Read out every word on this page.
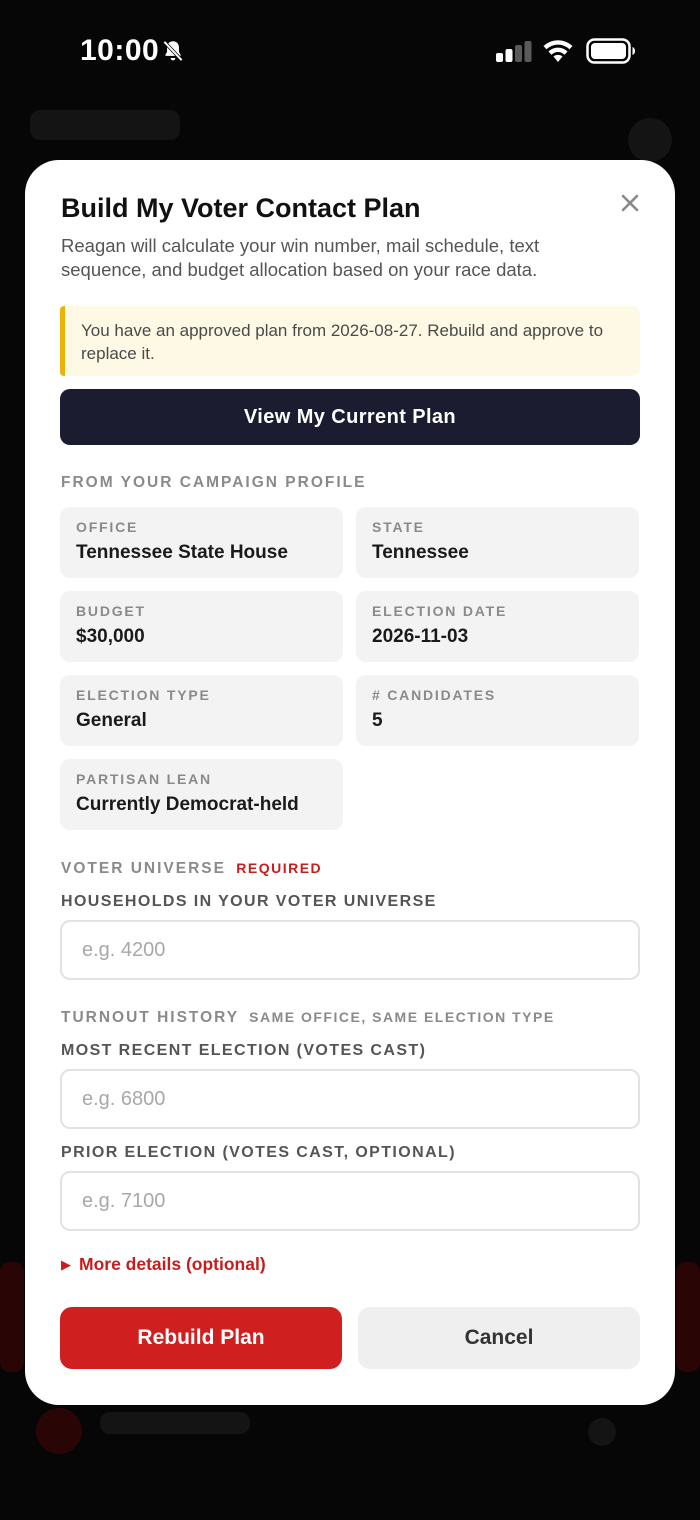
10:00
Build My Voter Contact Plan
Reagan will calculate your win number, mail schedule, text sequence, and budget allocation based on your race data.
You have an approved plan from 2026-08-27. Rebuild and approve to replace it.
View My Current Plan
FROM YOUR CAMPAIGN PROFILE
OFFICE
Tennessee State House
STATE
Tennessee
BUDGET
$30,000
ELECTION DATE
2026-11-03
ELECTION TYPE
General
# CANDIDATES
5
PARTISAN LEAN
Currently Democrat-held
VOTER UNIVERSE REQUIRED
HOUSEHOLDS IN YOUR VOTER UNIVERSE
e.g. 4200
TURNOUT HISTORY SAME OFFICE, SAME ELECTION TYPE
MOST RECENT ELECTION (VOTES CAST)
e.g. 6800
PRIOR ELECTION (VOTES CAST, OPTIONAL)
e.g. 7100
▶ More details (optional)
Rebuild Plan	Cancel
